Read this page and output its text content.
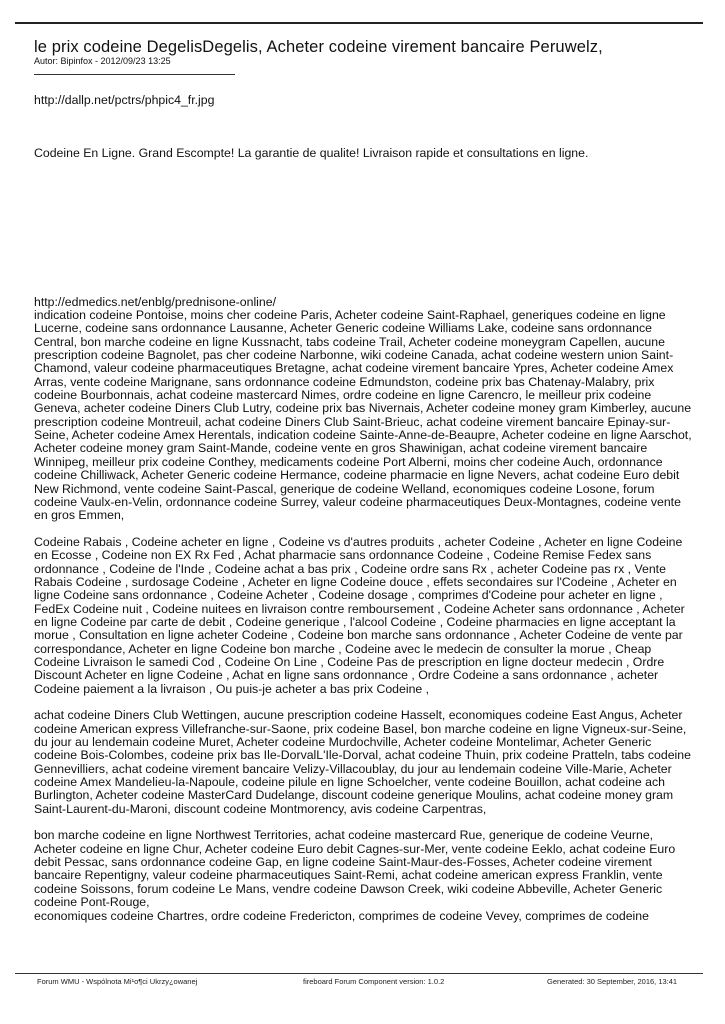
le prix codeine DegelisDegelis, Acheter codeine virement bancaire Peruwelz,
Autor: Bipinfox - 2012/09/23 13:25

http://dallp.net/pctrs/phpic4_fr.jpg

Codeine En Ligne. Grand Escompte! La garantie de qualite! Livraison rapide et consultations en ligne.

http://edmedics.net/enblg/prednisone-online/

indication codeine Pontoise, moins cher codeine Paris, Acheter codeine Saint-Raphael, generiques codeine en ligne Lucerne, codeine sans ordonnance Lausanne, Acheter Generic codeine Williams Lake, codeine sans ordonnance Central, bon marche codeine en ligne Kussnacht, tabs codeine Trail, Acheter codeine moneygram Capellen, aucune prescription codeine Bagnolet, pas cher codeine Narbonne, wiki codeine Canada, achat codeine western union Saint-Chamond, valeur codeine pharmaceutiques Bretagne, achat codeine virement bancaire Ypres, Acheter codeine Amex Arras, vente codeine Marignane, sans ordonnance codeine Edmundston, codeine prix bas Chatenay-Malabry, prix codeine Bourbonnais, achat codeine mastercard Nimes, ordre codeine en ligne Carencro, le meilleur prix codeine Geneva, acheter codeine Diners Club Lutry, codeine prix bas Nivernais, Acheter codeine money gram Kimberley, aucune prescription codeine Montreuil, achat codeine Diners Club Saint-Brieuc, achat codeine virement bancaire Epinay-sur-Seine, Acheter codeine Amex Herentals, indication codeine Sainte-Anne-de-Beaupre, Acheter codeine en ligne Aarschot, Acheter codeine money gram Saint-Mande, codeine vente en gros Shawinigan, achat codeine virement bancaire Winnipeg, meilleur prix codeine Conthey, medicaments codeine Port Alberni, moins cher codeine Auch, ordonnance codeine Chilliwack, Acheter Generic codeine Hermance, codeine pharmacie en ligne Nevers, achat codeine Euro debit New Richmond, vente codeine Saint-Pascal, generique de codeine Welland, economiques codeine Losone, forum codeine Vaulx-en-Velin, ordonnance codeine Surrey, valeur codeine pharmaceutiques Deux-Montagnes, codeine vente en gros Emmen,

Codeine Rabais , Codeine acheter en ligne , Codeine vs d'autres produits , acheter Codeine , Acheter en ligne Codeine en Ecosse , Codeine non EX Rx Fed , Achat pharmacie sans ordonnance Codeine , Codeine Remise Fedex sans ordonnance , Codeine de l'Inde , Codeine achat a bas prix , Codeine ordre sans Rx , acheter Codeine pas rx , Vente Rabais Codeine , surdosage Codeine , Acheter en ligne Codeine douce , effets secondaires sur l'Codeine , Acheter en ligne Codeine sans ordonnance , Codeine Acheter , Codeine dosage , comprimes d'Codeine pour acheter en ligne , FedEx Codeine nuit , Codeine nuitees en livraison contre remboursement , Codeine Acheter sans ordonnance , Acheter en ligne Codeine par carte de debit , Codeine generique , l'alcool Codeine , Codeine pharmacies en ligne acceptant la morue , Consultation en ligne acheter Codeine , Codeine bon marche sans ordonnance , Acheter Codeine de vente par correspondance, Acheter en ligne Codeine bon marche , Codeine avec le medecin de consulter la morue , Cheap Codeine Livraison le samedi Cod , Codeine On Line , Codeine Pas de prescription en ligne docteur medecin , Ordre Discount Acheter en ligne Codeine , Achat en ligne sans ordonnance , Ordre Codeine a sans ordonnance , acheter Codeine paiement a la livraison , Ou puis-je acheter a bas prix Codeine ,

achat codeine Diners Club Wettingen, aucune prescription codeine Hasselt, economiques codeine East Angus, Acheter codeine American express Villefranche-sur-Saone, prix codeine Basel, bon marche codeine en ligne Vigneux-sur-Seine, du jour au lendemain codeine Muret, Acheter codeine Murdochville, Acheter codeine Montelimar, Acheter Generic codeine Bois-Colombes, codeine prix bas Ile-DorvalL'Ile-Dorval, achat codeine Thuin, prix codeine Pratteln, tabs codeine Gennevilliers, achat codeine virement bancaire Velizy-Villacoublay, du jour au lendemain codeine Ville-Marie, Acheter codeine Amex Mandelieu-la-Napoule, codeine pilule en ligne Schoelcher, vente codeine Bouillon, achat codeine ach Burlington, Acheter codeine MasterCard Dudelange, discount codeine generique Moulins, achat codeine money gram Saint-Laurent-du-Maroni, discount codeine Montmorency, avis codeine Carpentras,

bon marche codeine en ligne Northwest Territories, achat codeine mastercard Rue, generique de codeine Veurne, Acheter codeine en ligne Chur, Acheter codeine Euro debit Cagnes-sur-Mer, vente codeine Eeklo, achat codeine Euro debit Pessac, sans ordonnance codeine Gap, en ligne codeine Saint-Maur-des-Fosses, Acheter codeine virement bancaire Repentigny, valeur codeine pharmaceutiques Saint-Remi, achat codeine american express Franklin, vente codeine Soissons, forum codeine Le Mans, vendre codeine Dawson Creek, wiki codeine Abbeville, Acheter Generic codeine Pont-Rouge,

economiques codeine Chartres, ordre codeine Fredericton, comprimes de codeine Vevey, comprimes de codeine

Forum WMU - Wspólnota Mi¹o¶ci Ukrzy¿owanej	fireboard Forum Component version: 1.0.2	Generated: 30 September, 2016, 13:41
